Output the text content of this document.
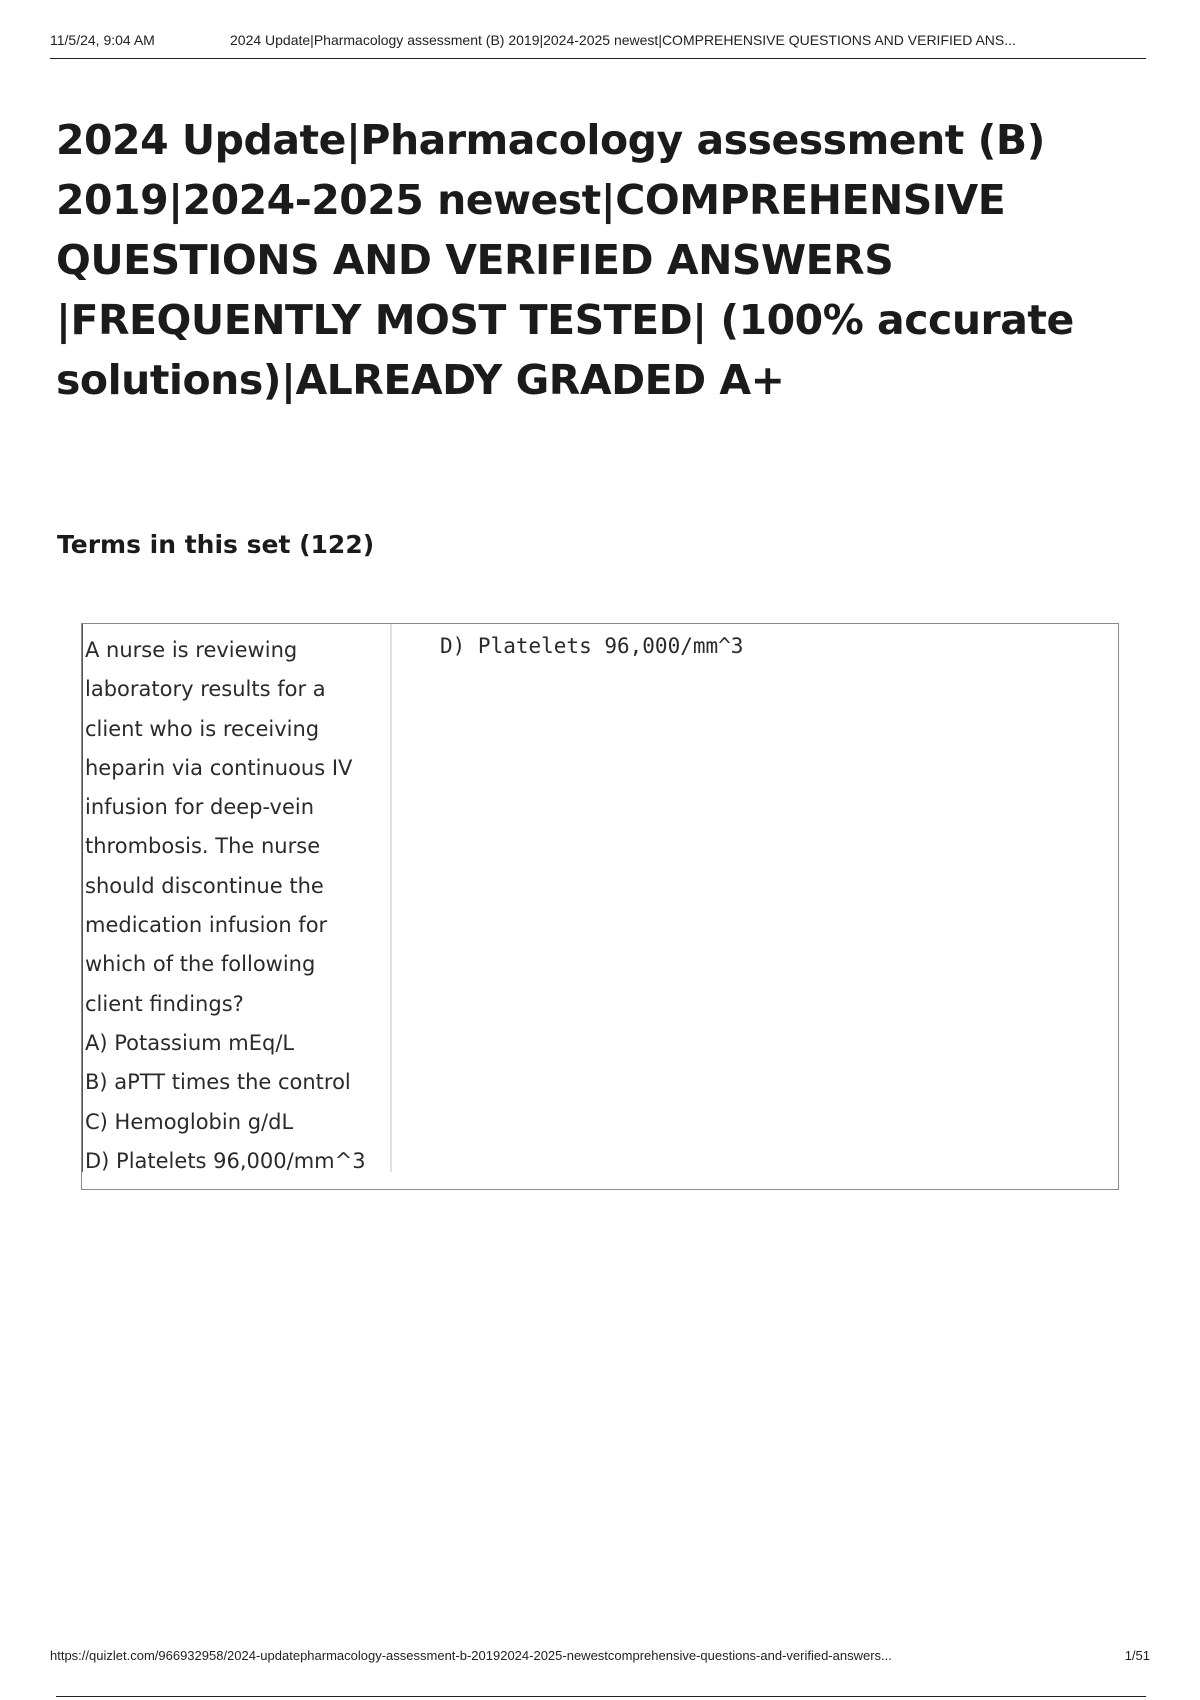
11/5/24, 9:04 AM	2024 Update|Pharmacology assessment (B) 2019|2024-2025 newest|COMPREHENSIVE QUESTIONS AND VERIFIED ANS...
2024 Update|Pharmacology assessment (B) 2019|2024-2025 newest|COMPREHENSIVE QUESTIONS AND VERIFIED ANSWERS |FREQUENTLY MOST TESTED| (100% accurate solutions)|ALREADY GRADED A+
Terms in this set (122)
A nurse is reviewing laboratory results for a client who is receiving heparin via continuous IV infusion for deep-vein thrombosis. The nurse should discontinue the medication infusion for which of the following client findings?
A) Potassium mEq/L
B) aPTT times the control
C) Hemoglobin g/dL
D) Platelets 96,000/mm^3
D) Platelets 96,000/mm^3
https://quizlet.com/966932958/2024-updatepharmacology-assessment-b-20192024-2025-newestcomprehensive-questions-and-verified-answers...	1/51
